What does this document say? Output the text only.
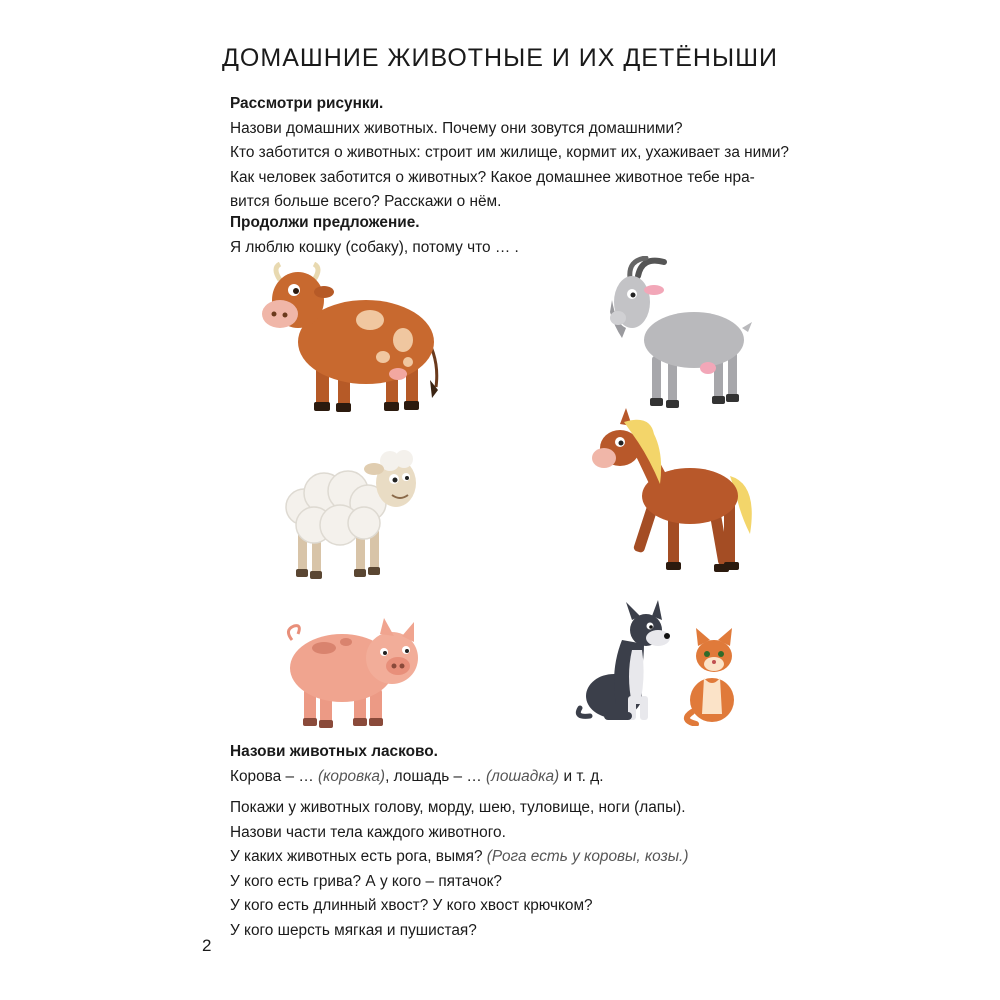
ДОМАШНИЕ ЖИВОТНЫЕ И ИХ ДЕТЁНЫШИ

Рассмотри рисунки.

Назови домашних животных. Почему они зовутся домашними?

Кто заботится о животных: строит им жилище, кормит их, ухаживает за ними?

Как человек заботится о животных? Какое домашнее животное тебе нра-

вится больше всего? Расскажи о нём.

Продолжи предложение.

Я люблю кошку (собаку), потому что … .

Назови животных ласково.

Корова – … (коровка), лошадь – … (лошадка) и т. д.

Покажи у животных голову, морду, шею, туловище, ноги (лапы).

Назови части тела каждого животного.

У каких животных есть рога, вымя? (Рога есть у коровы, козы.)

У кого есть грива? А у кого – пятачок?

У кого есть длинный хвост? У кого хвост крючком?

У кого шерсть мягкая и пушистая?

2
